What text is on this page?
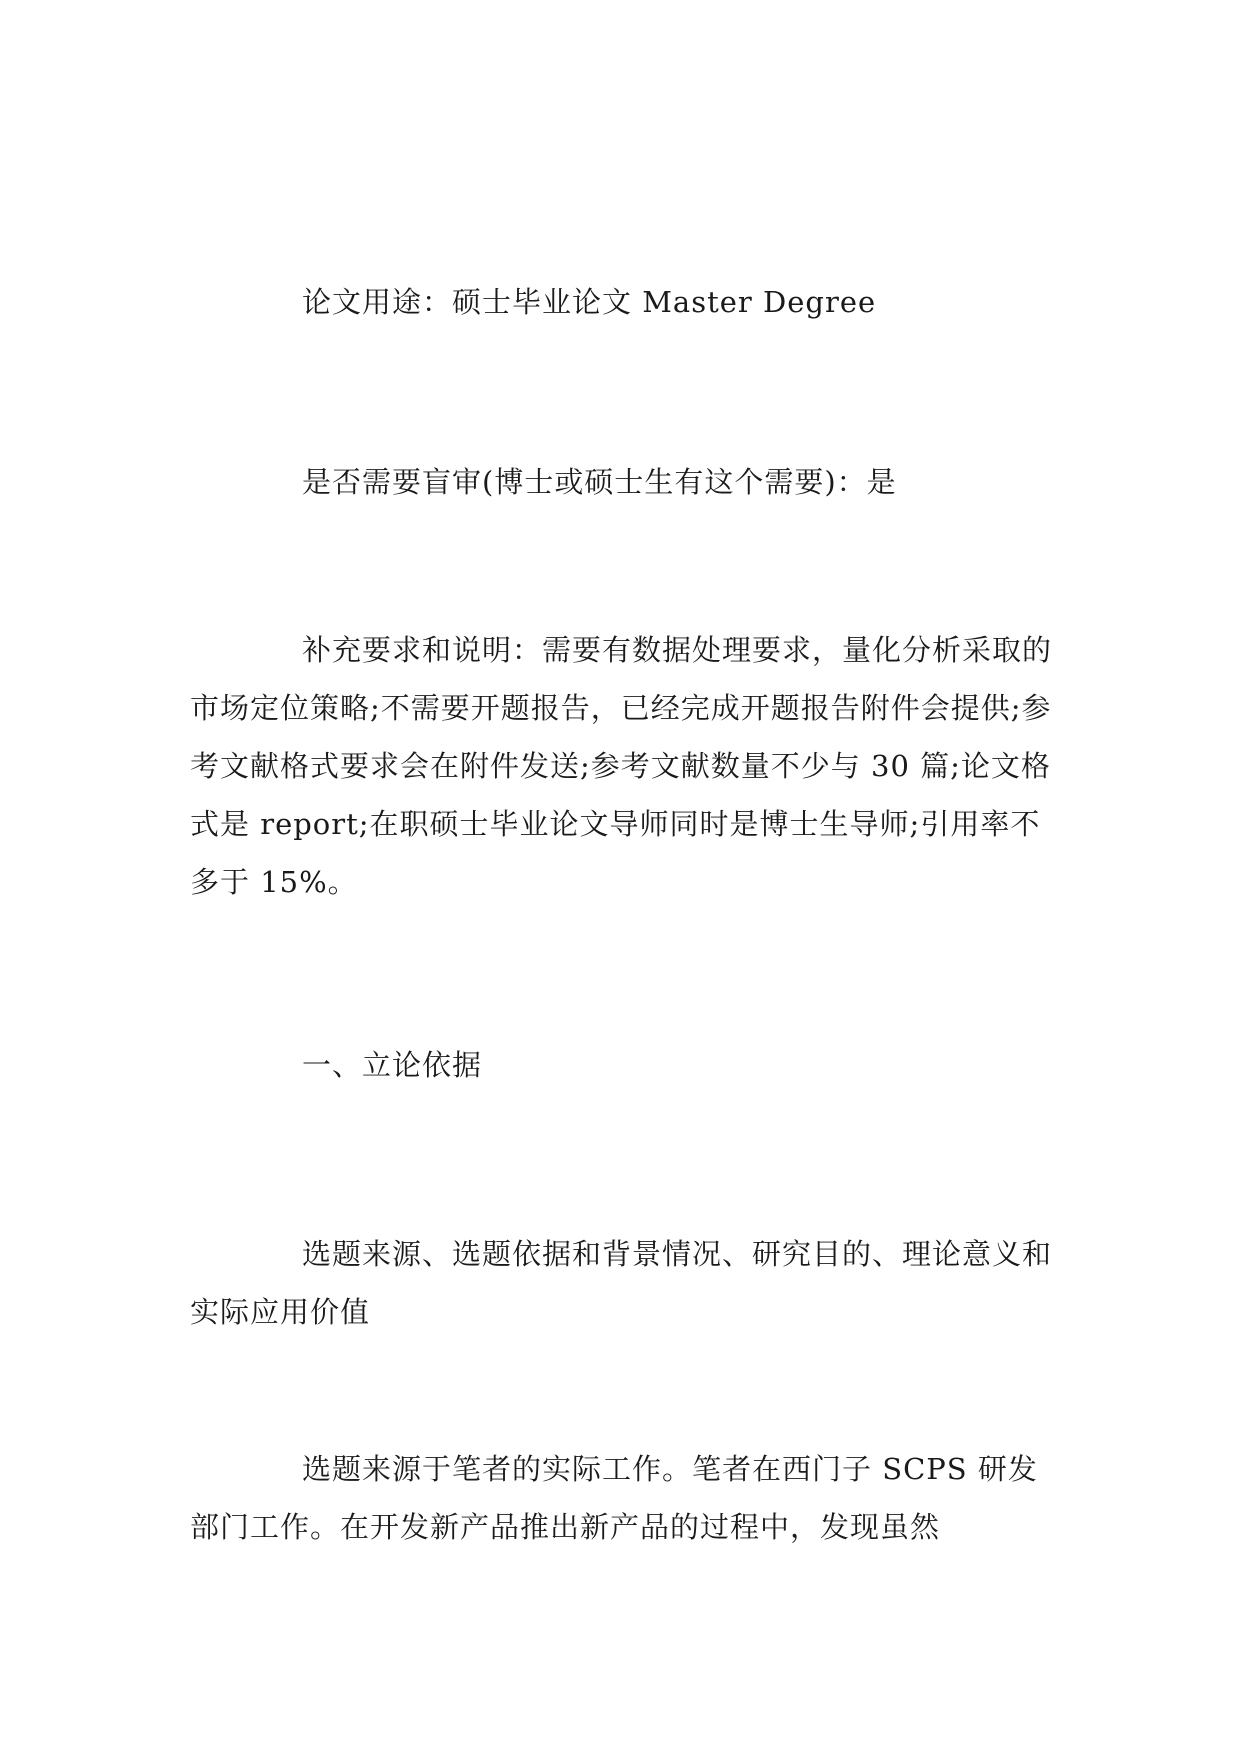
论文用途：硕士毕业论文 Master Degree

是否需要盲审(博士或硕士生有这个需要)：是

补充要求和说明：需要有数据处理要求，量化分析采取的市场定位策略;不需要开题报告，已经完成开题报告附件会提供;参考文献格式要求会在附件发送;参考文献数量不少与 30 篇;论文格式是 report;在职硕士毕业论文导师同时是博士生导师;引用率不多于 15%。

一、立论依据

选题来源、选题依据和背景情况、研究目的、理论意义和实际应用价值

选题来源于笔者的实际工作。笔者在西门子 SCPS 研发部门工作。在开发新产品推出新产品的过程中，发现虽然
